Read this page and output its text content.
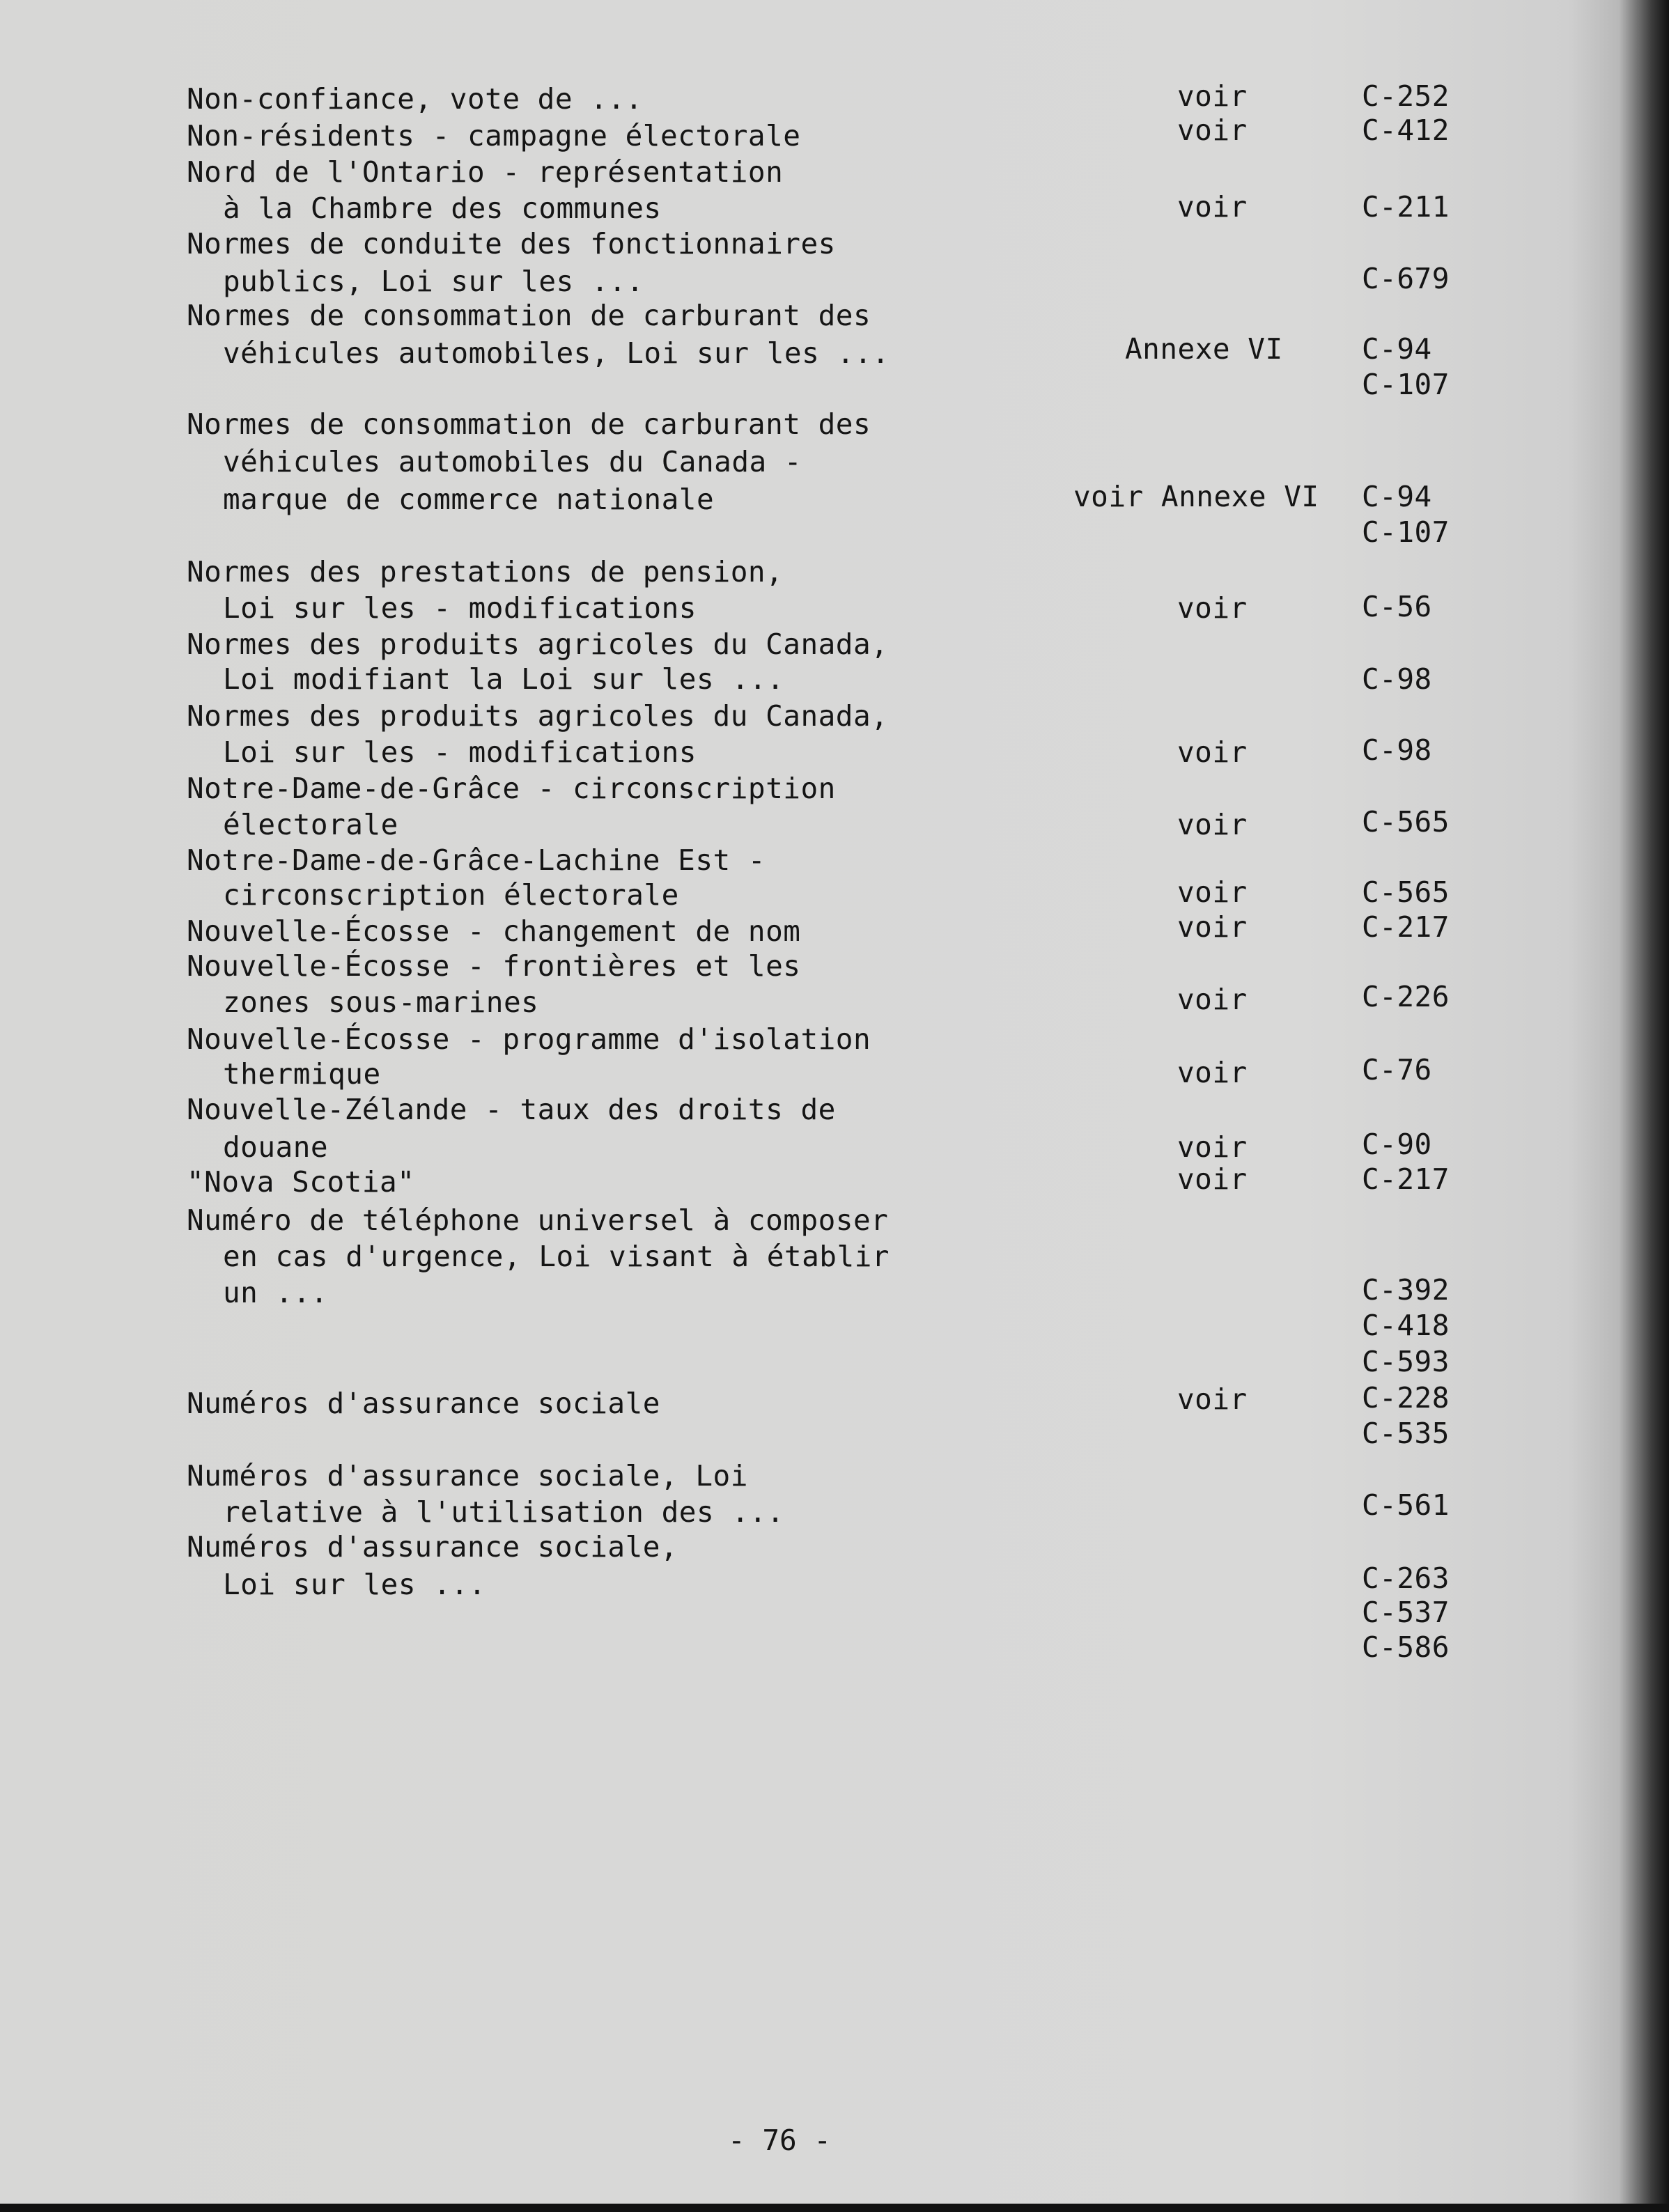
Non-confiance, vote de ...	voir	C-252
Non-résidents - campagne électorale	voir	C-412
Nord de l'Ontario - représentation
à la Chambre des communes	voir	C-211
Normes de conduite des fonctionnaires
publics, Loi sur les ...	C-679
Normes de consommation de carburant des
véhicules automobiles, Loi sur les ...	Annexe VI	C-94
C-107
Normes de consommation de carburant des
véhicules automobiles du Canada -
marque de commerce nationale	voir Annexe VI C-94
C-107
Normes des prestations de pension,
Loi sur les - modifications	voir	C-56
Normes des produits agricoles du Canada,
Loi modifiant la Loi sur les ...	C-98
Normes des produits agricoles du Canada,
Loi sur les - modifications	voir	C-98
Notre-Dame-de-Grâce - circonscription
électorale	voir	C-565
Notre-Dame-de-Grâce-Lachine Est -
circonscription électorale	voir	C-565
Nouvelle-Écosse - changement de nom	voir	C-217
Nouvelle-Écosse - frontières et les
zones sous-marines	voir	C-226
Nouvelle-Écosse - programme d'isolation
thermique	voir	C-76
Nouvelle-Zélande - taux des droits de
douane	voir	C-90
"Nova Scotia"	voir	C-217
Numéro de téléphone universel à composer
en cas d'urgence, Loi visant à établir
un ...	C-392
C-418
C-593
Numéros d'assurance sociale	voir	C-228
C-535
Numéros d'assurance sociale, Loi
relative à l'utilisation des ...	C-561
Numéros d'assurance sociale,
Loi sur les ...	C-263
C-537
C-586
- 76 -
